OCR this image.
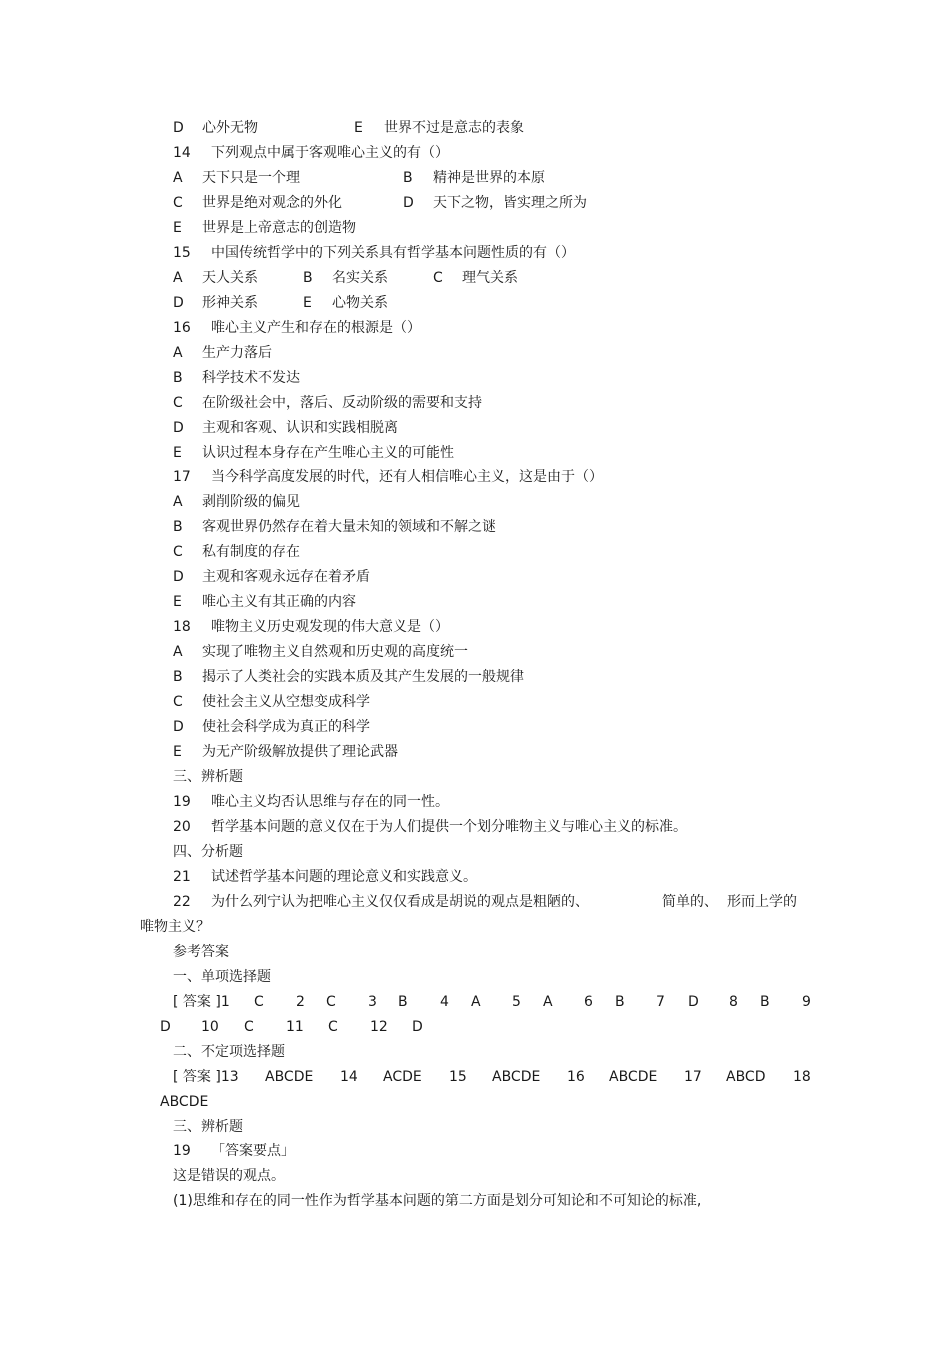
D 心外无物	E 世界不过是意志的表象
14 下列观点中属于客观唯心主义的有（）
A 天下只是一个理	B 精神是世界的本原
C 世界是绝对观念的外化	D 天下之物，皆实理之所为
E 世界是上帝意志的创造物
15 中国传统哲学中的下列关系具有哲学基本问题性质的有（）
A 天人关系	B 名实关系	C 理气关系
D 形神关系	E 心物关系
16 唯心主义产生和存在的根源是（）
A 生产力落后
B 科学技术不发达
C 在阶级社会中，落后、反动阶级的需要和支持
D 主观和客观、认识和实践相脱离
E 认识过程本身存在产生唯心主义的可能性
17 当今科学高度发展的时代，还有人相信唯心主义，这是由于（）
A 剥削阶级的偏见
B 客观世界仍然存在着大量未知的领域和不解之谜
C 私有制度的存在
D 主观和客观永远存在着矛盾
E 唯心主义有其正确的内容
18 唯物主义历史观发现的伟大意义是（）
A 实现了唯物主义自然观和历史观的高度统一
B 揭示了人类社会的实践本质及其产生发展的一般规律
C 使社会主义从空想变成科学
D 使社会科学成为真正的科学
E 为无产阶级解放提供了理论武器
三、辨析题
19 唯心主义均否认思维与存在的同一性。
20 哲学基本问题的意义仅在于为人们提供一个划分唯物主义与唯心主义的标准。
四、分析题
21 试述哲学基本问题的理论意义和实践意义。
22 为什么列宁认为把唯心主义仅仅看成是胡说的观点是粗陋的、	简单的、 形而上学的
唯物主义？
参考答案
一、单项选择题
[ 答案 ]1 C 2 C 3 B 4 A 5 A 6 B 7 D 8 B 9
D 10 C 11 C 12 D
二、不定项选择题
[ 答案 ]13 ABCDE 14 ACDE 15 ABCDE 16 ABCDE 17 ABCD 18
ABCDE
三、辨析题
19 「答案要点」
这是错误的观点。
(1)思维和存在的同一性作为哲学基本问题的第二方面是划分可知论和不可知论的标准,
